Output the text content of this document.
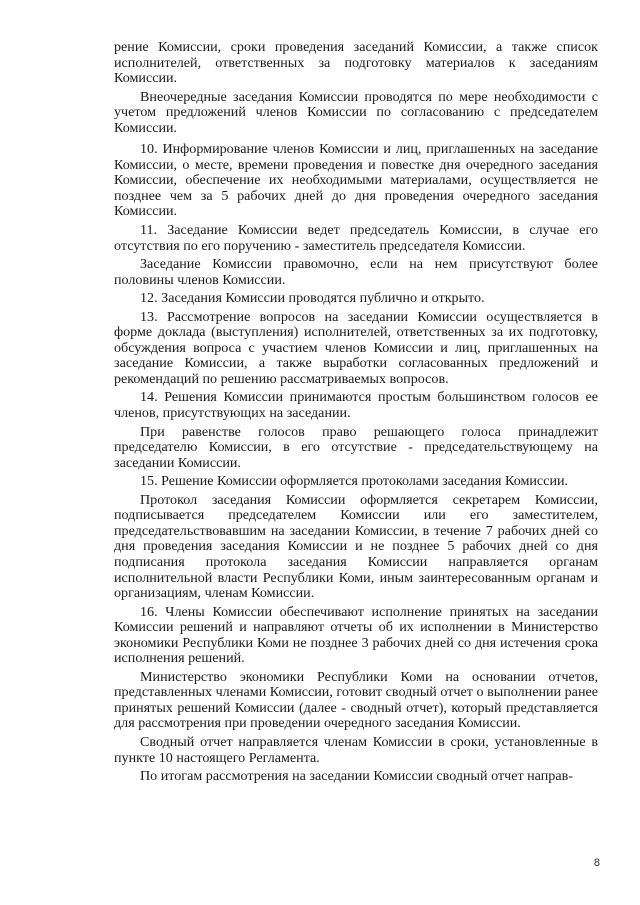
рение Комиссии, сроки проведения заседаний Комиссии, а также список исполнителей, ответственных за подготовку материалов к заседаниям Комиссии.

Внеочередные заседания Комиссии проводятся по мере необходимости с учетом предложений членов Комиссии по согласованию с председателем Комиссии.

10. Информирование членов Комиссии и лиц, приглашенных на заседание Комиссии, о месте, времени проведения и повестке дня очередного заседания Комиссии, обеспечение их необходимыми материалами, осуществляется не позднее чем за 5 рабочих дней до дня проведения очередного заседания Комиссии.

11. Заседание Комиссии ведет председатель Комиссии, в случае его отсутствия по его поручению - заместитель председателя Комиссии.

Заседание Комиссии правомочно, если на нем присутствуют более половины членов Комиссии.

12. Заседания Комиссии проводятся публично и открыто.

13. Рассмотрение вопросов на заседании Комиссии осуществляется в форме доклада (выступления) исполнителей, ответственных за их подготовку, обсуждения вопроса с участием членов Комиссии и лиц, приглашенных на заседание Комиссии, а также выработки согласованных предложений и рекомендаций по решению рассматриваемых вопросов.

14. Решения Комиссии принимаются простым большинством голосов ее членов, присутствующих на заседании.

При равенстве голосов право решающего голоса принадлежит председателю Комиссии, в его отсутствие - председательствующему на заседании Комиссии.

15. Решение Комиссии оформляется протоколами заседания Комиссии.

Протокол заседания Комиссии оформляется секретарем Комиссии, подписывается председателем Комиссии или его заместителем, председательствовавшим на заседании Комиссии, в течение 7 рабочих дней со дня проведения заседания Комиссии и не позднее 5 рабочих дней со дня подписания протокола заседания Комиссии направляется органам исполнительной власти Республики Коми, иным заинтересованным органам и организациям, членам Комиссии.

16. Члены Комиссии обеспечивают исполнение принятых на заседании Комиссии решений и направляют отчеты об их исполнении в Министерство экономики Республики Коми не позднее 3 рабочих дней со дня истечения срока исполнения решений.

Министерство экономики Республики Коми на основании отчетов, представленных членами Комиссии, готовит сводный отчет о выполнении ранее принятых решений Комиссии (далее - сводный отчет), который представляется для рассмотрения при проведении очередного заседания Комиссии.

Сводный отчет направляется членам Комиссии в сроки, установленные в пункте 10 настоящего Регламента.

По итогам рассмотрения на заседании Комиссии сводный отчет направ-

8
